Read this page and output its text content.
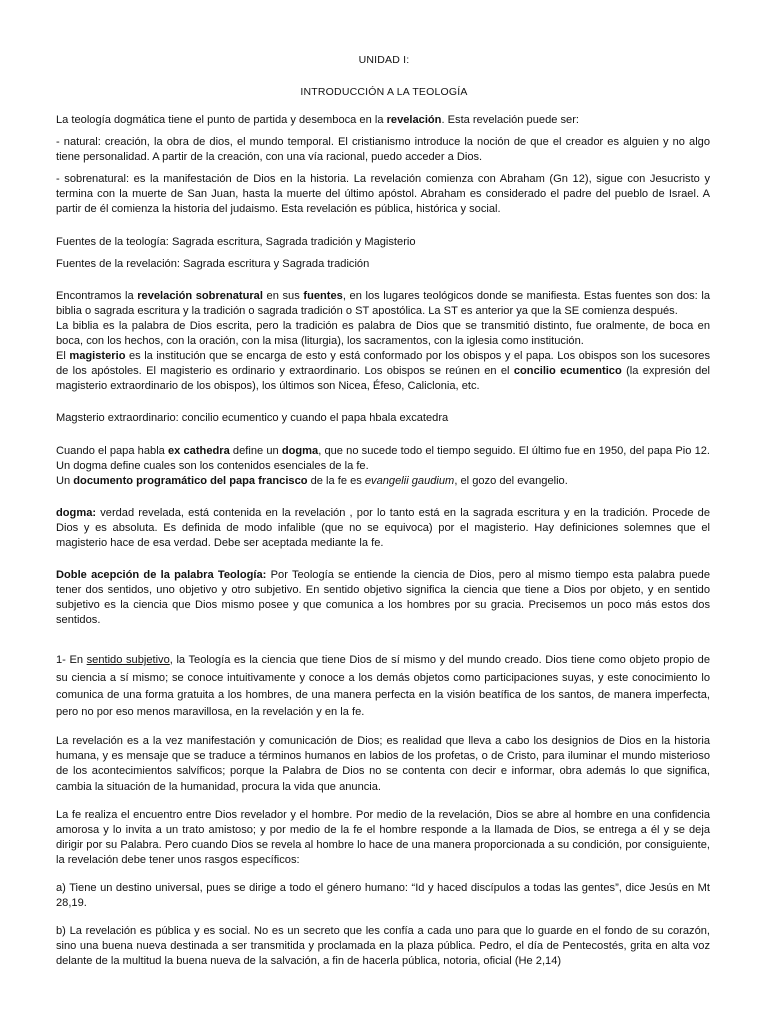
UNIDAD I:
INTRODUCCIÓN A LA TEOLOGÍA

La teología dogmática tiene el punto de partida y desemboca en la revelación. Esta revelación puede ser:

- natural: creación, la obra de dios, el mundo temporal. El cristianismo introduce la noción de que el creador es alguien y no algo tiene personalidad. A partir de la creación, con una vía racional, puedo acceder a Dios.

- sobrenatural: es la manifestación de Dios en la historia. La revelación comienza con Abraham (Gn 12), sigue con Jesucristo y termina con la muerte de San Juan, hasta la muerte del último apóstol. Abraham es considerado el padre del pueblo de Israel. A partir de él comienza la historia del judaismo. Esta revelación es pública, histórica y social.

Fuentes de la teología: Sagrada escritura, Sagrada tradición y Magisterio

Fuentes de la revelación: Sagrada escritura y Sagrada tradición

Encontramos la revelación sobrenatural en sus fuentes, en los lugares teológicos donde se manifiesta. Estas fuentes son dos: la biblia o sagrada escritura y la tradición o sagrada tradición o ST apostólica. La ST es anterior ya que la SE comienza después.

La biblia es la palabra de Dios escrita, pero la tradición es palabra de Dios que se transmitió distinto, fue oralmente, de boca en boca, con los hechos, con la oración, con la misa (liturgia), los sacramentos, con la iglesia como institución.

El magisterio es la institución que se encarga de esto y está conformado por los obispos y el papa. Los obispos son los sucesores de los apóstoles. El magisterio es ordinario y extraordinario. Los obispos se reúnen en el concilio ecumentico (la expresión del magisterio extraordinario de los obispos), los últimos son Nicea, Éfeso, Caliclonia, etc.

Magsterio extraordinario: concilio ecumentico y cuando el papa hbala excatedra

Cuando el papa habla ex cathedra define un dogma, que no sucede todo el tiempo seguido. El último fue en 1950, del papa Pio 12. Un dogma define cuales son los contenidos esenciales de la fe.

Un documento programático del papa francisco de la fe es evangelii gaudium, el gozo del evangelio.

dogma: verdad revelada, está contenida en la revelación , por lo tanto está en la sagrada escritura y en la tradición. Procede de Dios y es absoluta. Es definida de modo infalible (que no se equivoca) por el magisterio. Hay definiciones solemnes que el magisterio hace de esa verdad. Debe ser aceptada mediante la fe.

Doble acepción de la palabra Teología: Por Teología se entiende la ciencia de Dios, pero al mismo tiempo esta palabra puede tener dos sentidos, uno objetivo y otro subjetivo. En sentido objetivo significa la ciencia que tiene a Dios por objeto, y en sentido subjetivo es la ciencia que Dios mismo posee y que comunica a los hombres por su gracia. Precisemos un poco más estos dos sentidos.

1- En sentido subjetivo, la Teología es la ciencia que tiene Dios de sí mismo y del mundo creado. Dios tiene como objeto propio de su ciencia a sí mismo; se conoce intuitivamente y conoce a los demás objetos como participaciones suyas, y este conocimiento lo comunica de una forma gratuita a los hombres, de una manera perfecta en la visión beatífica de los santos, de manera imperfecta, pero no por eso menos maravillosa, en la revelación y en la fe.

La revelación es a la vez manifestación y comunicación de Dios; es realidad que lleva a cabo los designios de Dios en la historia humana, y es mensaje que se traduce a términos humanos en labios de los profetas, o de Cristo, para iluminar el mundo misterioso de los acontecimientos salvíficos; porque la Palabra de Dios no se contenta con decir e informar, obra además lo que significa, cambia la situación de la humanidad, procura la vida que anuncia.

La fe realiza el encuentro entre Dios revelador y el hombre. Por medio de la revelación, Dios se abre al hombre en una confidencia amorosa y lo invita a un trato amistoso; y por medio de la fe el hombre responde a la llamada de Dios, se entrega a él y se deja dirigir por su Palabra. Pero cuando Dios se revela al hombre lo hace de una manera proporcionada a su condición, por consiguiente, la revelación debe tener unos rasgos específicos:

a) Tiene un destino universal, pues se dirige a todo el género humano: “Id y haced discípulos a todas las gentes”, dice Jesús en Mt 28,19.

b) La revelación es pública y es social. No es un secreto que les confía a cada uno para que lo guarde en el fondo de su corazón, sino una buena nueva destinada a ser transmitida y proclamada en la plaza pública. Pedro, el día de Pentecostés, grita en alta voz delante de la multitud la buena nueva de la salvación, a fin de hacerla pública, notoria, oficial (He 2,14)
